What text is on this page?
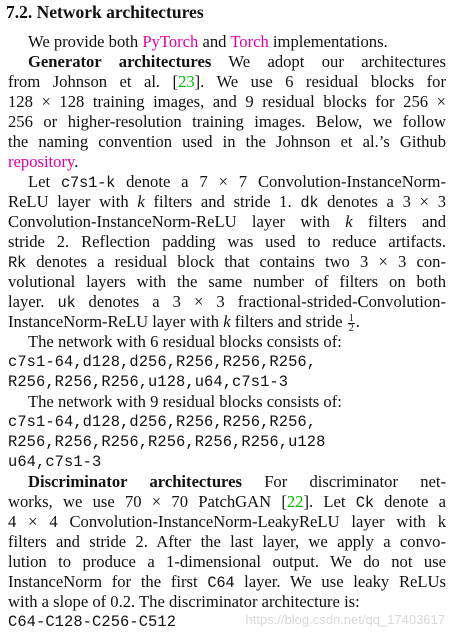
7.2. Network architectures
We provide both PyTorch and Torch implementations.
Generator architectures We adopt our architectures
from Johnson et al. [23]. We use 6 residual blocks for
128 × 128 training images, and 9 residual blocks for 256 ×
256 or higher-resolution training images. Below, we follow
the naming convention used in the Johnson et al.’s Github
repository.
Let c7s1-k denote a 7 × 7 Convolution-InstanceNorm-
ReLU layer with k filters and stride 1. dk denotes a 3 × 3
Convolution-InstanceNorm-ReLU layer with k filters and
stride 2. Reflection padding was used to reduce artifacts.
Rk denotes a residual block that contains two 3 × 3 con-
volutional layers with the same number of filters on both
layer. uk denotes a 3 × 3 fractional-strided-Convolution-
InstanceNorm-ReLU layer with k filters and stride $\frac{1}{2}$ .
The network with 6 residual blocks consists of:
c7s1-64,d128,d256,R256,R256,R256,
R256,R256,R256,u128,u64,c7s1-3
The network with 9 residual blocks consists of:
c7s1-64,d128,d256,R256,R256,R256,
R256,R256,R256,R256,R256,R256,u128
u64,c7s1-3
Discriminator architectures For discriminator net-
works, we use 70 × 70 PatchGAN [22]. Let Ck denote a
4 × 4 Convolution-InstanceNorm-LeakyReLU layer with k
filters and stride 2. After the last layer, we apply a convo-
lution to produce a 1-dimensional output. We do not use
InstanceNorm for the first C64 layer. We use leaky ReLUs
with a slope of 0.2. The discriminator architecture is:
C64-C128-C256-C512	https://blog.csdn.net/qq_17403617
